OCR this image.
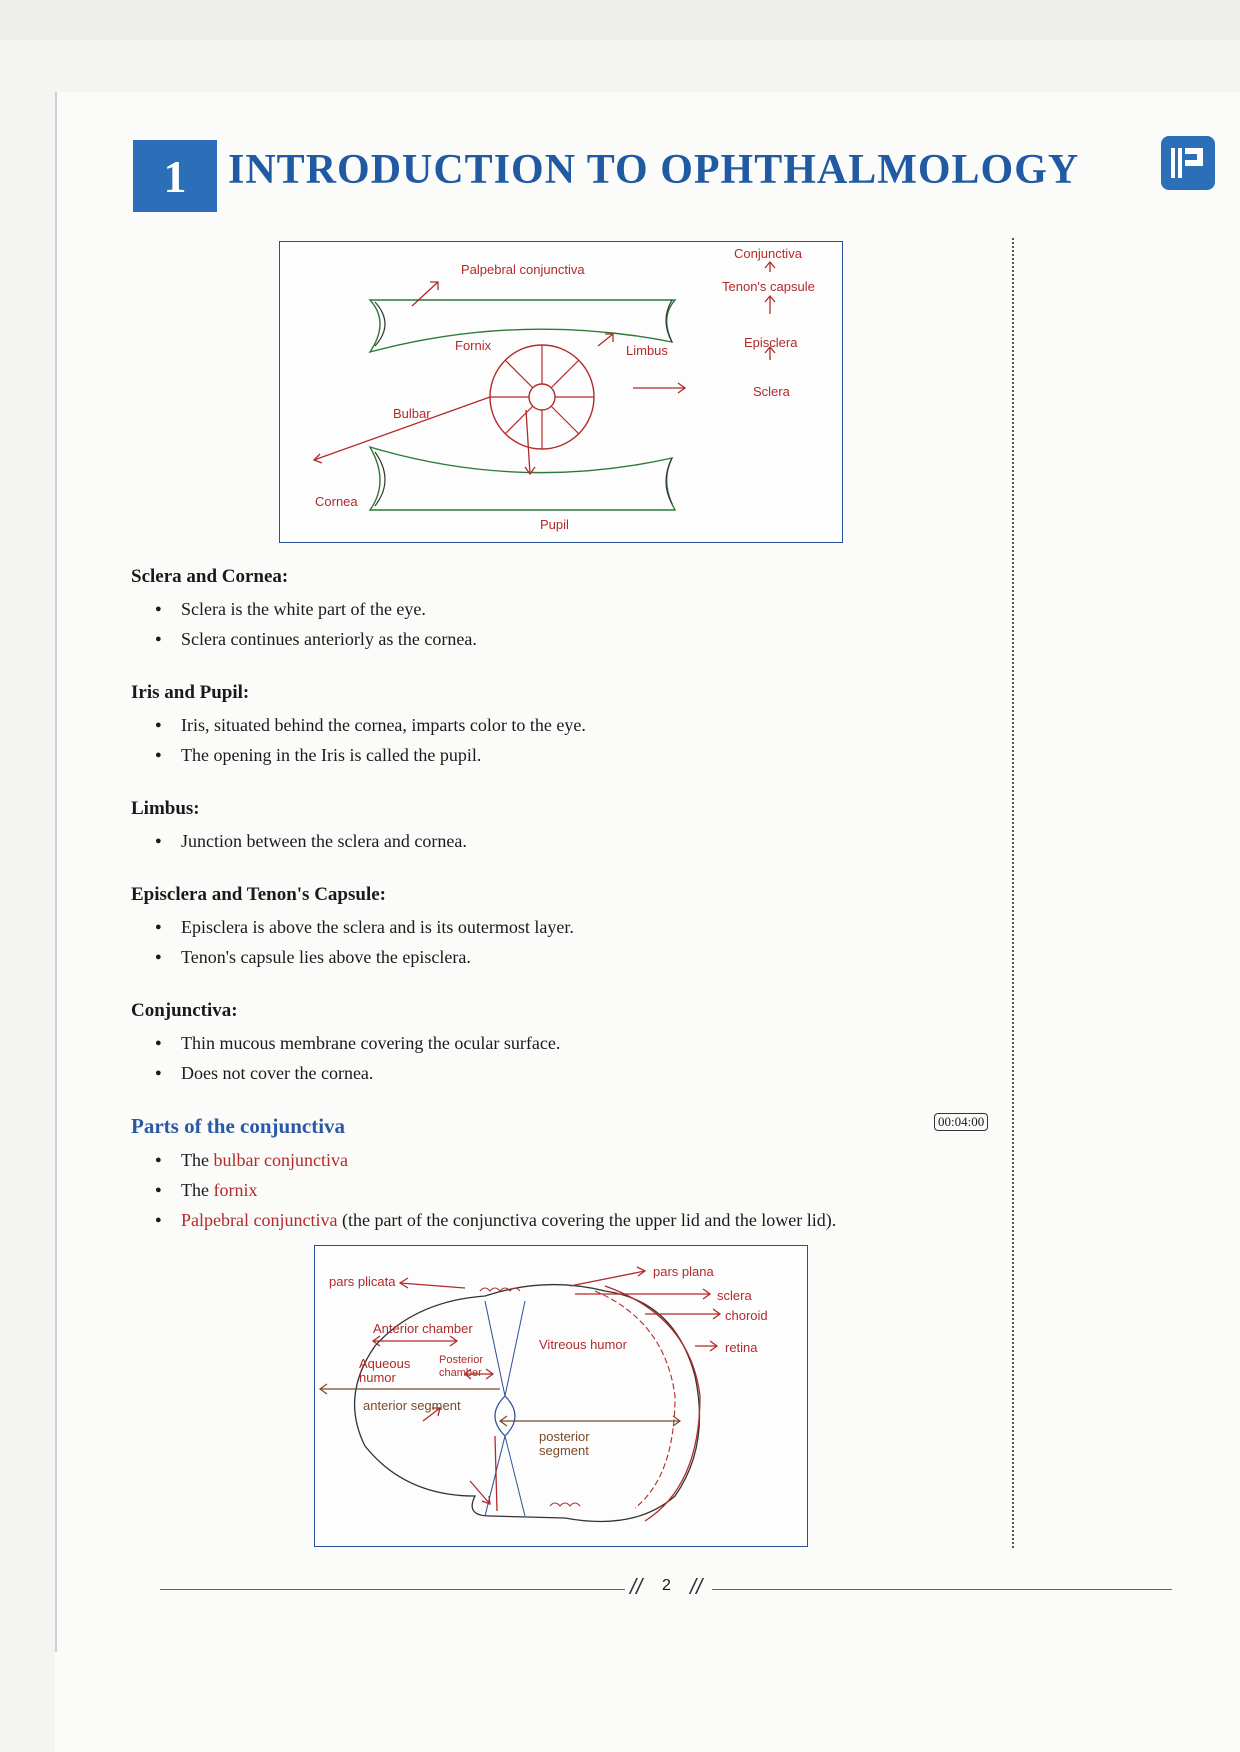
1 INTRODUCTION TO OPHTHALMOLOGY
Palpebral conjunctiva
Conjunctiva
Tenon's capsule
Fornix	Limbus
Episclera
Sclera
Bulbar
Cornea
Pupil
Sclera and Cornea:
● Sclera is the white part of the eye.
● Sclera continues anteriorly as the cornea.
Iris and Pupil:
● Iris, situated behind the cornea, imparts color to the eye.
● The opening in the Iris is called the pupil.
Limbus:
● Junction between the sclera and cornea.
Episclera and Tenon's Capsule:
● Episclera is above the sclera and is its outermost layer.
● Tenon's capsule lies above the episclera.
Conjunctiva:
● Thin mucous membrane covering the ocular surface.
● Does not cover the cornea.
Parts of the conjunctiva
● The bulbar conjunctiva
● The fornix
● Palpebral conjunctiva (the part of the conjunctiva covering the upper lid and the lower lid).
00:04:00
pars plicata
pars plana
sclera
choroid
Anterior chamber
Vitreous humor	retina
Aqueous
humor
Posterior
chamber
anterior segment
posterior
segment
// 2 //
